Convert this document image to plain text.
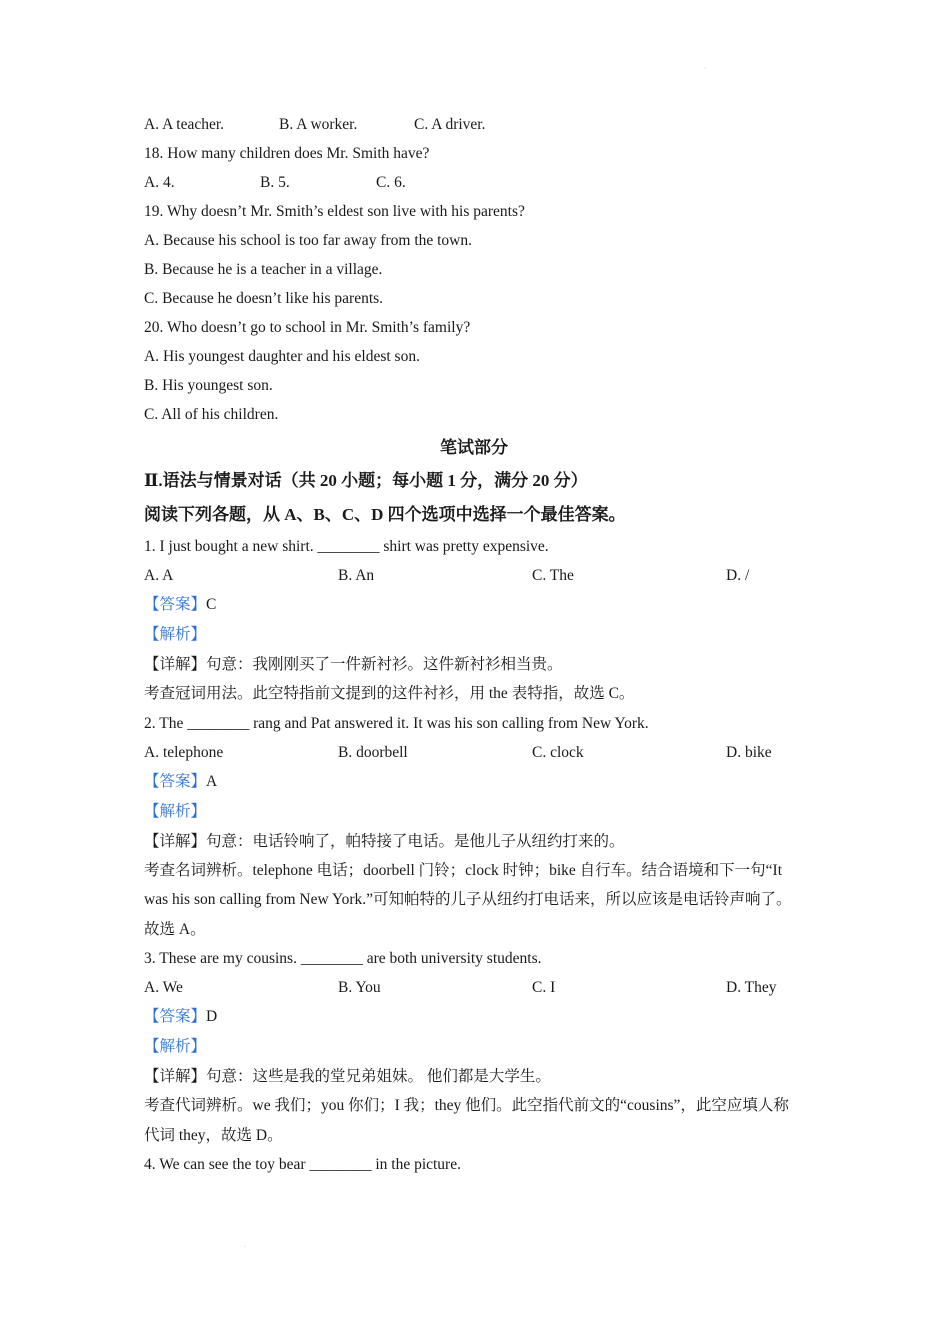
·
A. A teacher.	B. A worker.	C. A driver.
18. How many children does Mr. Smith have?
A. 4.	B. 5.	C. 6.
19. Why doesn’t Mr. Smith’s eldest son live with his parents?
A. Because his school is too far away from the town.
B. Because he is a teacher in a village.
C. Because he doesn’t like his parents.
20. Who doesn’t go to school in Mr. Smith’s family?
A. His youngest daughter and his eldest son.
B. His youngest son.
C. All of his children.
笔试部分
Ⅱ.语法与情景对话（共 20 小题；每小题 1 分，满分 20 分）
阅读下列各题，从 A、B、C、D 四个选项中选择一个最佳答案。
1. I just bought a new shirt. ________ shirt was pretty expensive.
A. A	B. An	C. The	D. /
【答案】C
【解析】
【详解】句意：我刚刚买了一件新衬衫。这件新衬衫相当贵。
考查冠词用法。此空特指前文提到的这件衬衫，用 the 表特指，故选 C。
2. The ________ rang and Pat answered it. It was his son calling from New York.
A. telephone	B. doorbell	C. clock	D. bike
【答案】A
【解析】
【详解】句意：电话铃响了，帕特接了电话。是他儿子从纽约打来的。
考查名词辨析。telephone 电话；doorbell 门铃；clock 时钟；bike 自行车。结合语境和下一句“It was his son calling from New York.”可知帕特的儿子从纽约打电话来，所以应该是电话铃声响了。故选 A。
3. These are my cousins. ________ are both university students.
A. We	B. You	C. I	D. They
【答案】D
【解析】
【详解】句意：这些是我的堂兄弟姐妹。 他们都是大学生。
考查代词辨析。we 我们；you 你们；I 我；they 他们。此空指代前文的“cousins”，此空应填人称代词 they，故选 D。
4. We can see the toy bear ________ in the picture.
·
